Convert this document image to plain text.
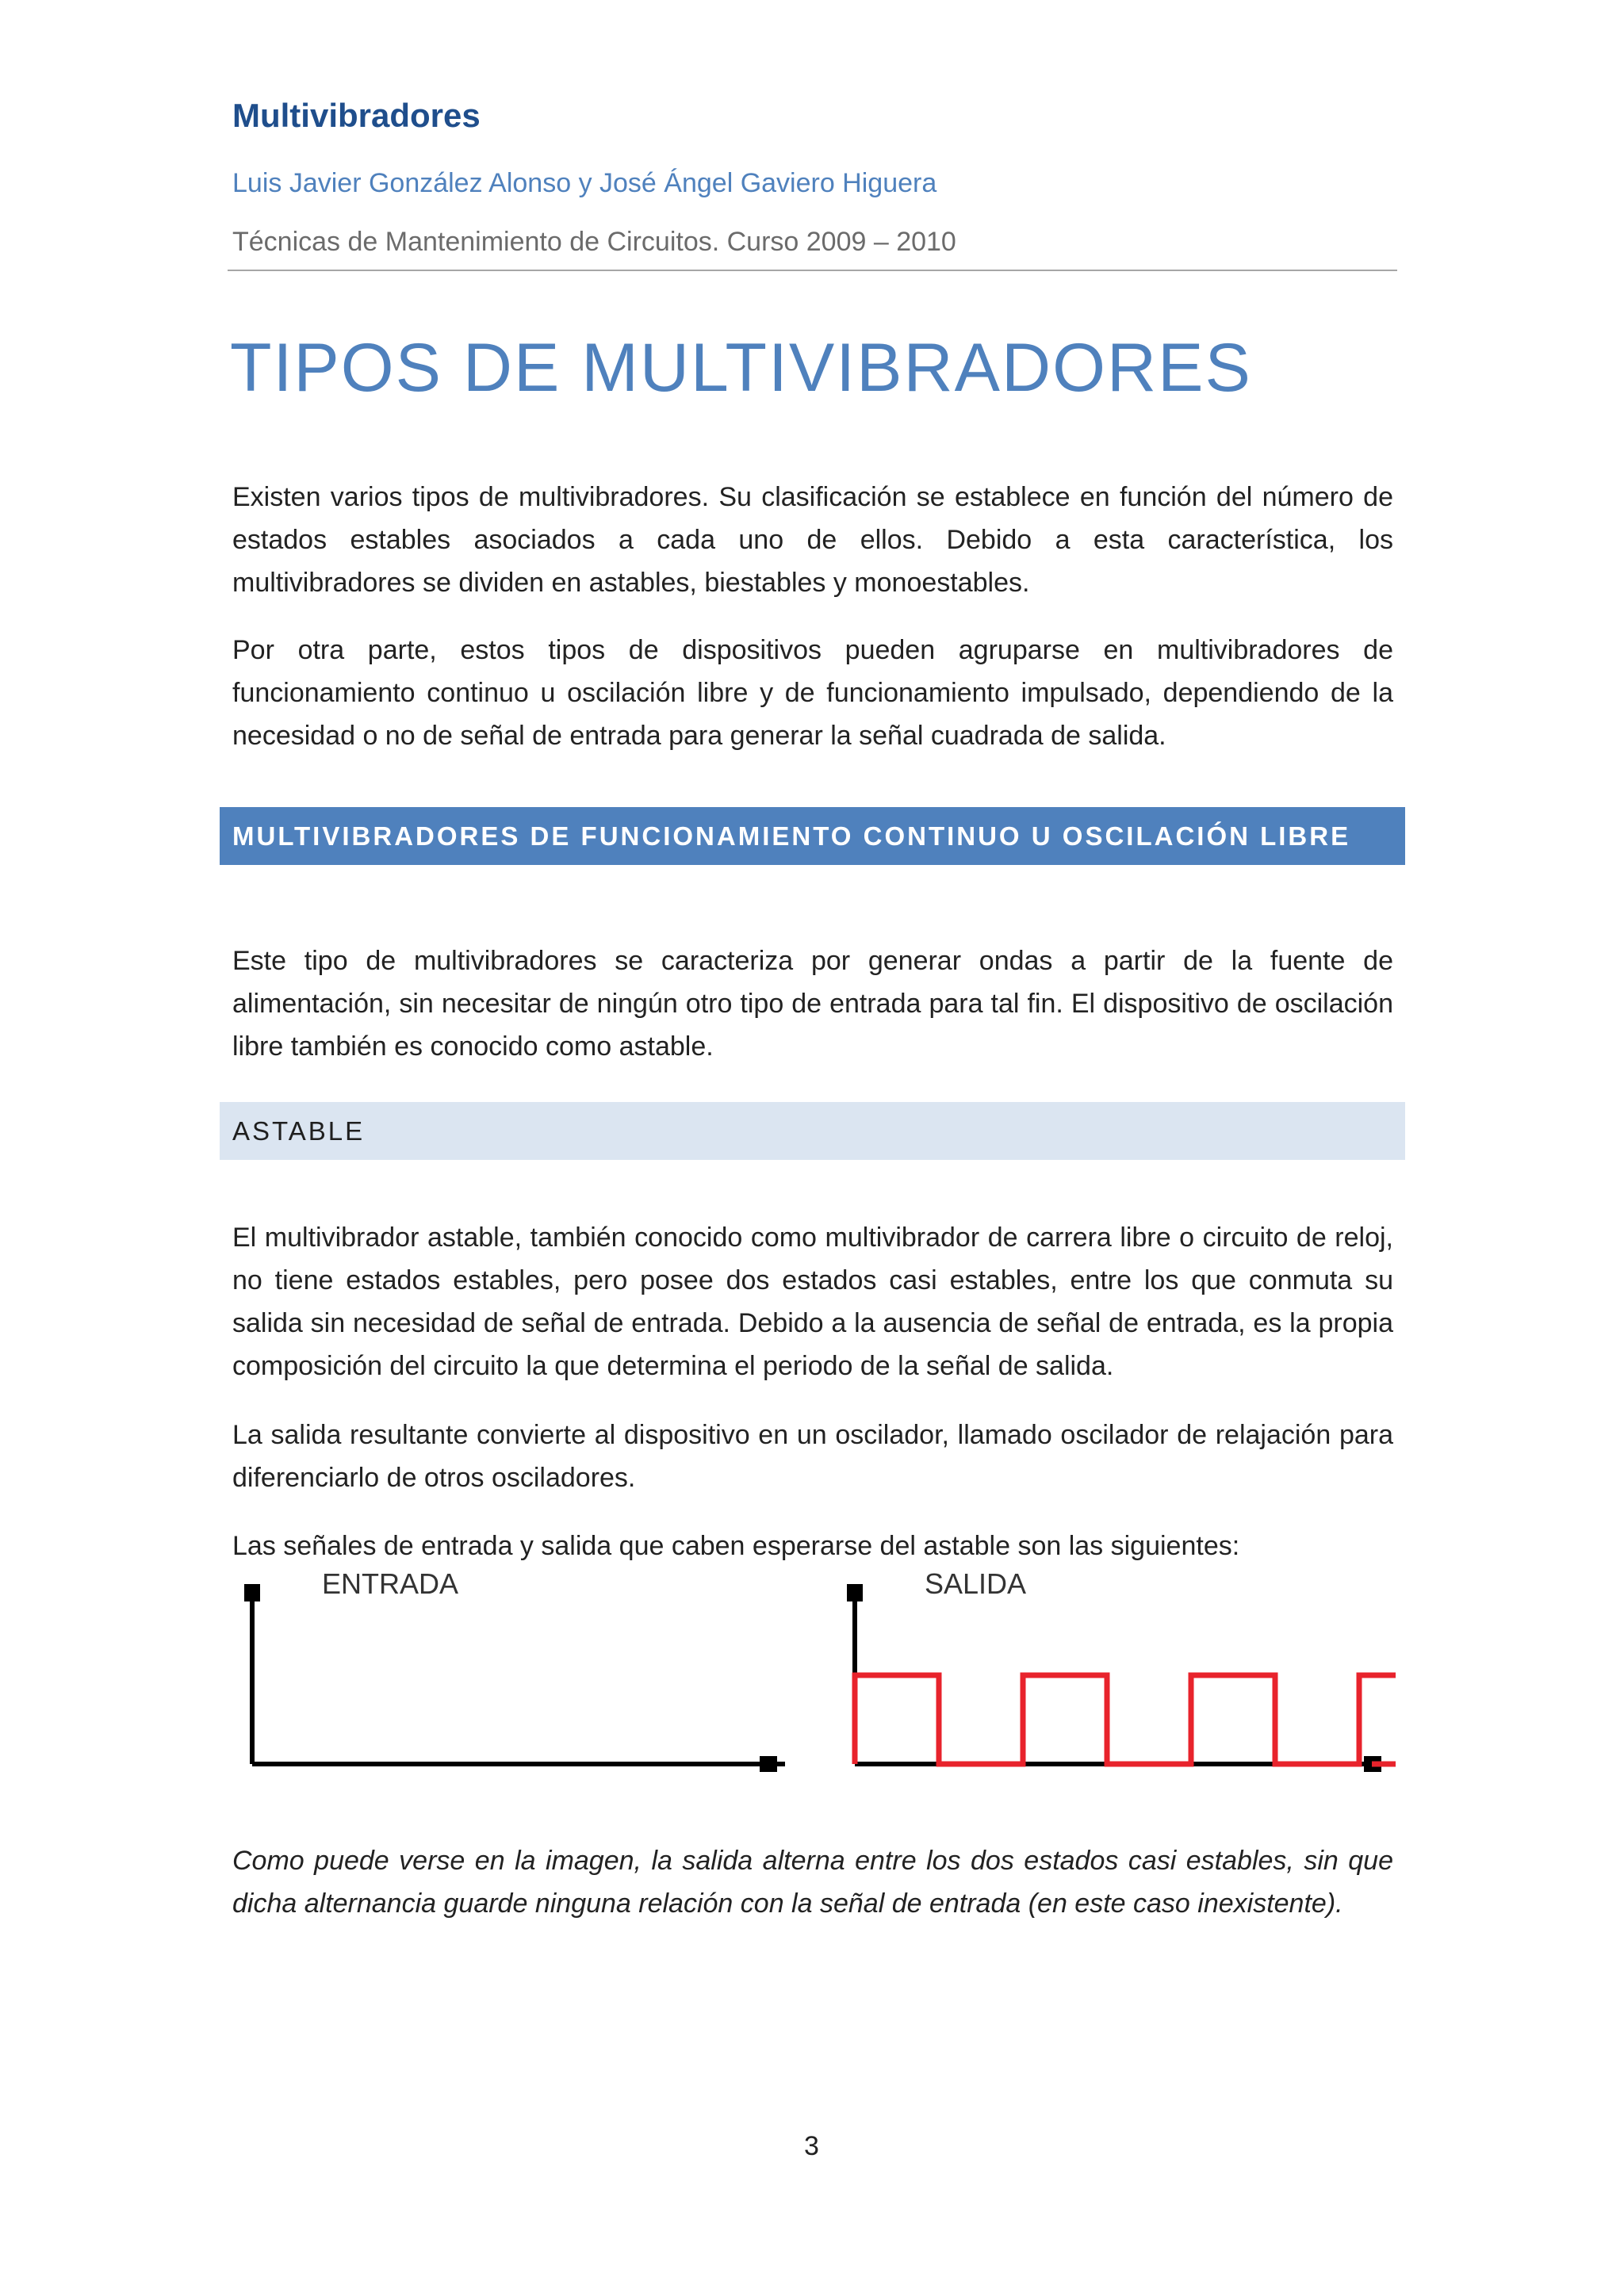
Multivibradores
Luis Javier González Alonso y José Ángel Gaviero Higuera
Técnicas de Mantenimiento de Circuitos. Curso 2009 – 2010
TIPOS DE MULTIVIBRADORES

Existen varios tipos de multivibradores. Su clasificación se establece en función del número de estados estables asociados a cada uno de ellos. Debido a esta característica, los multivibradores se dividen en astables, biestables y monoestables.

Por otra parte, estos tipos de dispositivos pueden agruparse en multivibradores de funcionamiento continuo u oscilación libre y de funcionamiento impulsado, dependiendo de la necesidad o no de señal de entrada para generar la señal cuadrada de salida.

MULTIVIBRADORES DE FUNCIONAMIENTO CONTINUO U OSCILACIÓN LIBRE

Este tipo de multivibradores se caracteriza por generar ondas a partir de la fuente de alimentación, sin necesitar de ningún otro tipo de entrada para tal fin. El dispositivo de oscilación libre también es conocido como astable.

ASTABLE

El multivibrador astable, también conocido como multivibrador de carrera libre o circuito de reloj, no tiene estados estables, pero posee dos estados casi estables, entre los que conmuta su salida sin necesidad de señal de entrada. Debido a la ausencia de señal de entrada, es la propia composición del circuito la que determina el periodo de la señal de salida.

La salida resultante convierte al dispositivo en un oscilador, llamado oscilador de relajación para diferenciarlo de otros osciladores.

Las señales de entrada y salida que caben esperarse del astable son las siguientes:

ENTRADA	SALIDA

Como puede verse en la imagen, la salida alterna entre los dos estados casi estables, sin que dicha alternancia guarde ninguna relación con la señal de entrada (en este caso inexistente).

3
